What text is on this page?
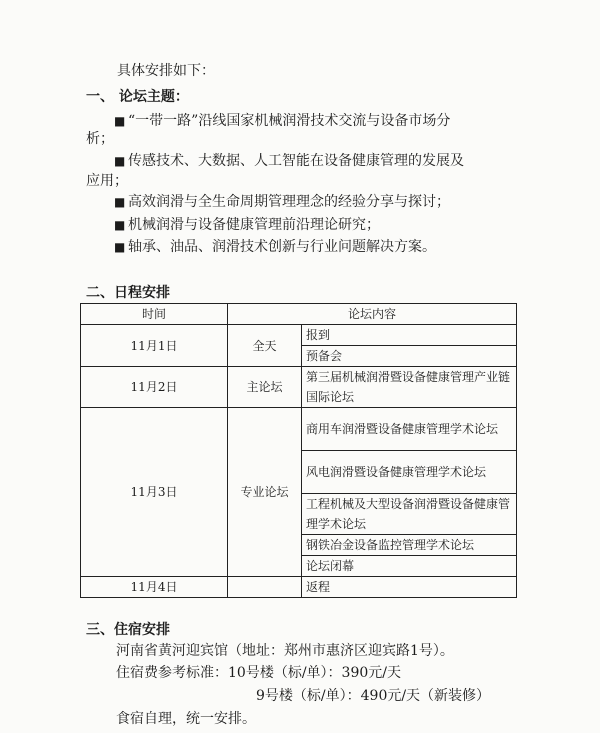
具体安排如下：
一、 论坛主题：
■ “一带一路”沿线国家机械润滑技术交流与设备市场分
析；
■ 传感技术、大数据、人工智能在设备健康管理的发展及
应用；
■ 高效润滑与全生命周期管理理念的经验分享与探讨；
■ 机械润滑与设备健康管理前沿理论研究；
■ 轴承、油品、润滑技术创新与行业问题解决方案。
二、日程安排
时间	论坛内容	
11月1日	全天	报到
		预备会
11月2日	主论坛	第三届机械润滑暨设备健康管理产业链国际论坛
11月3日	专业论坛	商用车润滑暨设备健康管理学术论坛
		风电润滑暨设备健康管理学术论坛
		工程机械及大型设备润滑暨设备健康管理学术论坛
		钢铁冶金设备监控管理学术论坛
		论坛闭幕
11月4日		返程
三、住宿安排
河南省黄河迎宾馆（地址：郑州市惠济区迎宾路1号）。
住宿费参考标准：10号楼（标/单）：390元/天
9号楼（标/单）：490元/天（新装修）
食宿自理，统一安排。
